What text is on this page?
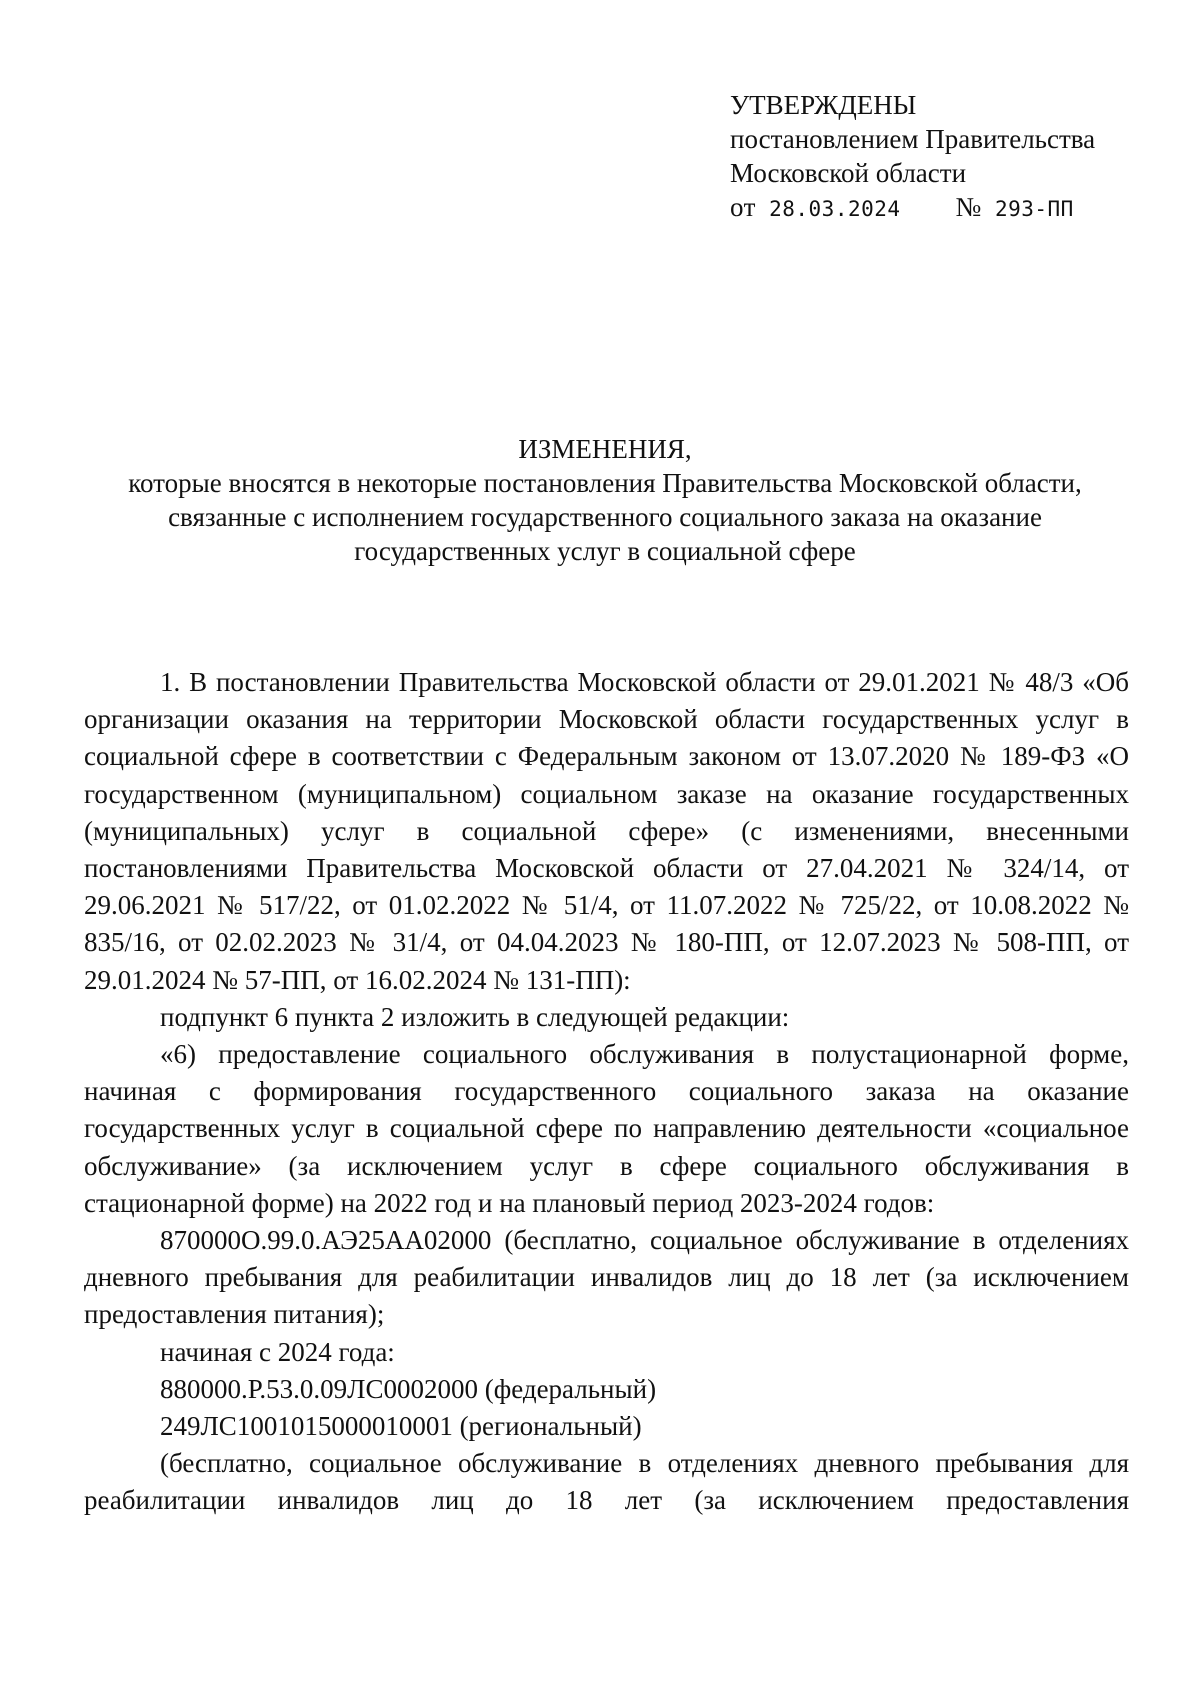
УТВЕРЖДЕНЫ
постановлением Правительства
Московской области
от 28.03.2024 № 293-ПП
ИЗМЕНЕНИЯ,
которые вносятся в некоторые постановления Правительства Московской области,
связанные с исполнением государственного социального заказа на оказание
государственных услуг в социальной сфере

1. В постановлении Правительства Московской области от 29.01.2021 № 48/3 «Об организации оказания на территории Московской области государственных услуг в социальной сфере в соответствии с Федеральным законом от 13.07.2020 № 189-ФЗ «О государственном (муниципальном) социальном заказе на оказание государственных (муниципальных) услуг в социальной сфере» (с изменениями, внесенными постановлениями Правительства Московской области от 27.04.2021 № 324/14, от 29.06.2021 № 517/22, от 01.02.2022 № 51/4, от 11.07.2022 № 725/22, от 10.08.2022 № 835/16, от 02.02.2023 № 31/4, от 04.04.2023 № 180-ПП, от 12.07.2023 № 508-ПП, от 29.01.2024 № 57-ПП, от 16.02.2024 № 131-ПП):

подпункт 6 пункта 2 изложить в следующей редакции:

«6) предоставление социального обслуживания в полустационарной форме, начиная с формирования государственного социального заказа на оказание государственных услуг в социальной сфере по направлению деятельности «социальное обслуживание» (за исключением услуг в сфере социального обслуживания в стационарной форме) на 2022 год и на плановый период 2023-2024 годов:

870000О.99.0.АЭ25АА02000 (бесплатно, социальное обслуживание в отделениях дневного пребывания для реабилитации инвалидов лиц до 18 лет (за исключением предоставления питания);

начиная с 2024 года:

880000.Р.53.0.09ЛС0002000 (федеральный)

249ЛС1001015000010001 (региональный)

(бесплатно, социальное обслуживание в отделениях дневного пребывания для реабилитации инвалидов лиц до 18 лет (за исключением предоставления
